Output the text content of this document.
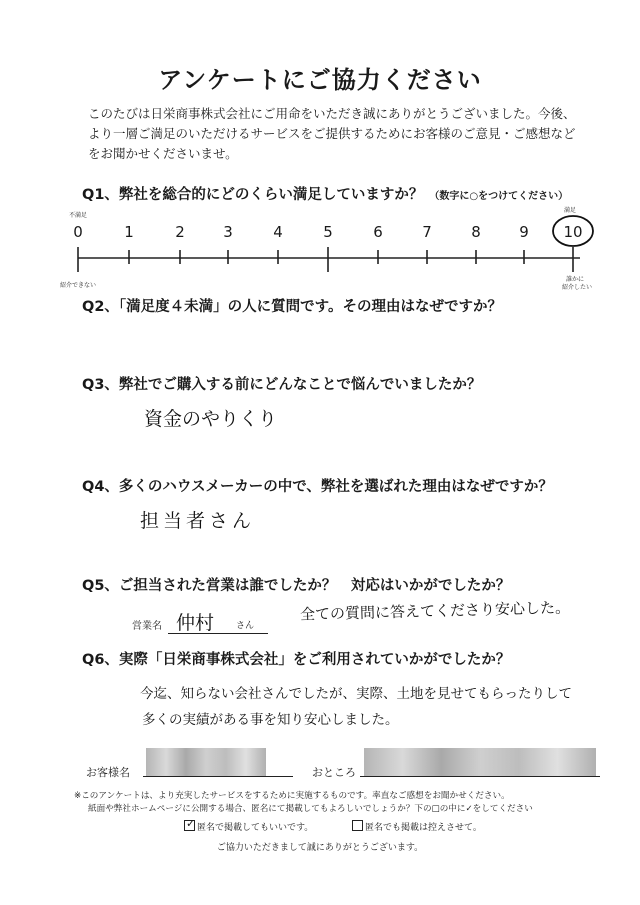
アンケートにご協力ください
このたびは日栄商事株式会社にご用命をいただき誠にありがとうございました。今後、
より一層ご満足のいただけるサービスをご提供するためにお客様のご意見・ご感想など
をお聞かせくださいませ。
Q1、弊社を総合的にどのくらい満足していますか？ （数字に○をつけてください）
不満足
満足
0	1	2	3	4	5	6	7	8	9	10
紹介できない
誰かに
紹介したい
Q2、「満足度４未満」の人に質問です。その理由はなぜですか？
Q3、弊社でご購入する前にどんなことで悩んでいましたか？
資金のやりくり
Q4、多くのハウスメーカーの中で、弊社を選ばれた理由はなぜですか？
担当者さん
Q5、ご担当された営業は誰でしたか？　対応はいかがでしたか？
営業名 仲村 さん
全ての質問に答えてくださり安心した。
Q6、実際「日栄商事株式会社」をご利用されていかがでしたか？
今迄、知らない会社さんでしたが、実際、土地を見せてもらったりして
多くの実績がある事を知り安心しました。
お客様名	おところ
※このアンケートは、より充実したサービスをするために実施するものです。率直なご感想をお聞かせください。
紙面や弊社ホームページに公開する場合、匿名にて掲載してもよろしいでしょうか？下の□の中に✓をしてください
✓ 匿名で掲載してもいいです。	匿名でも掲載は控えさせて。
ご協力いただきまして誠にありがとうございます。
